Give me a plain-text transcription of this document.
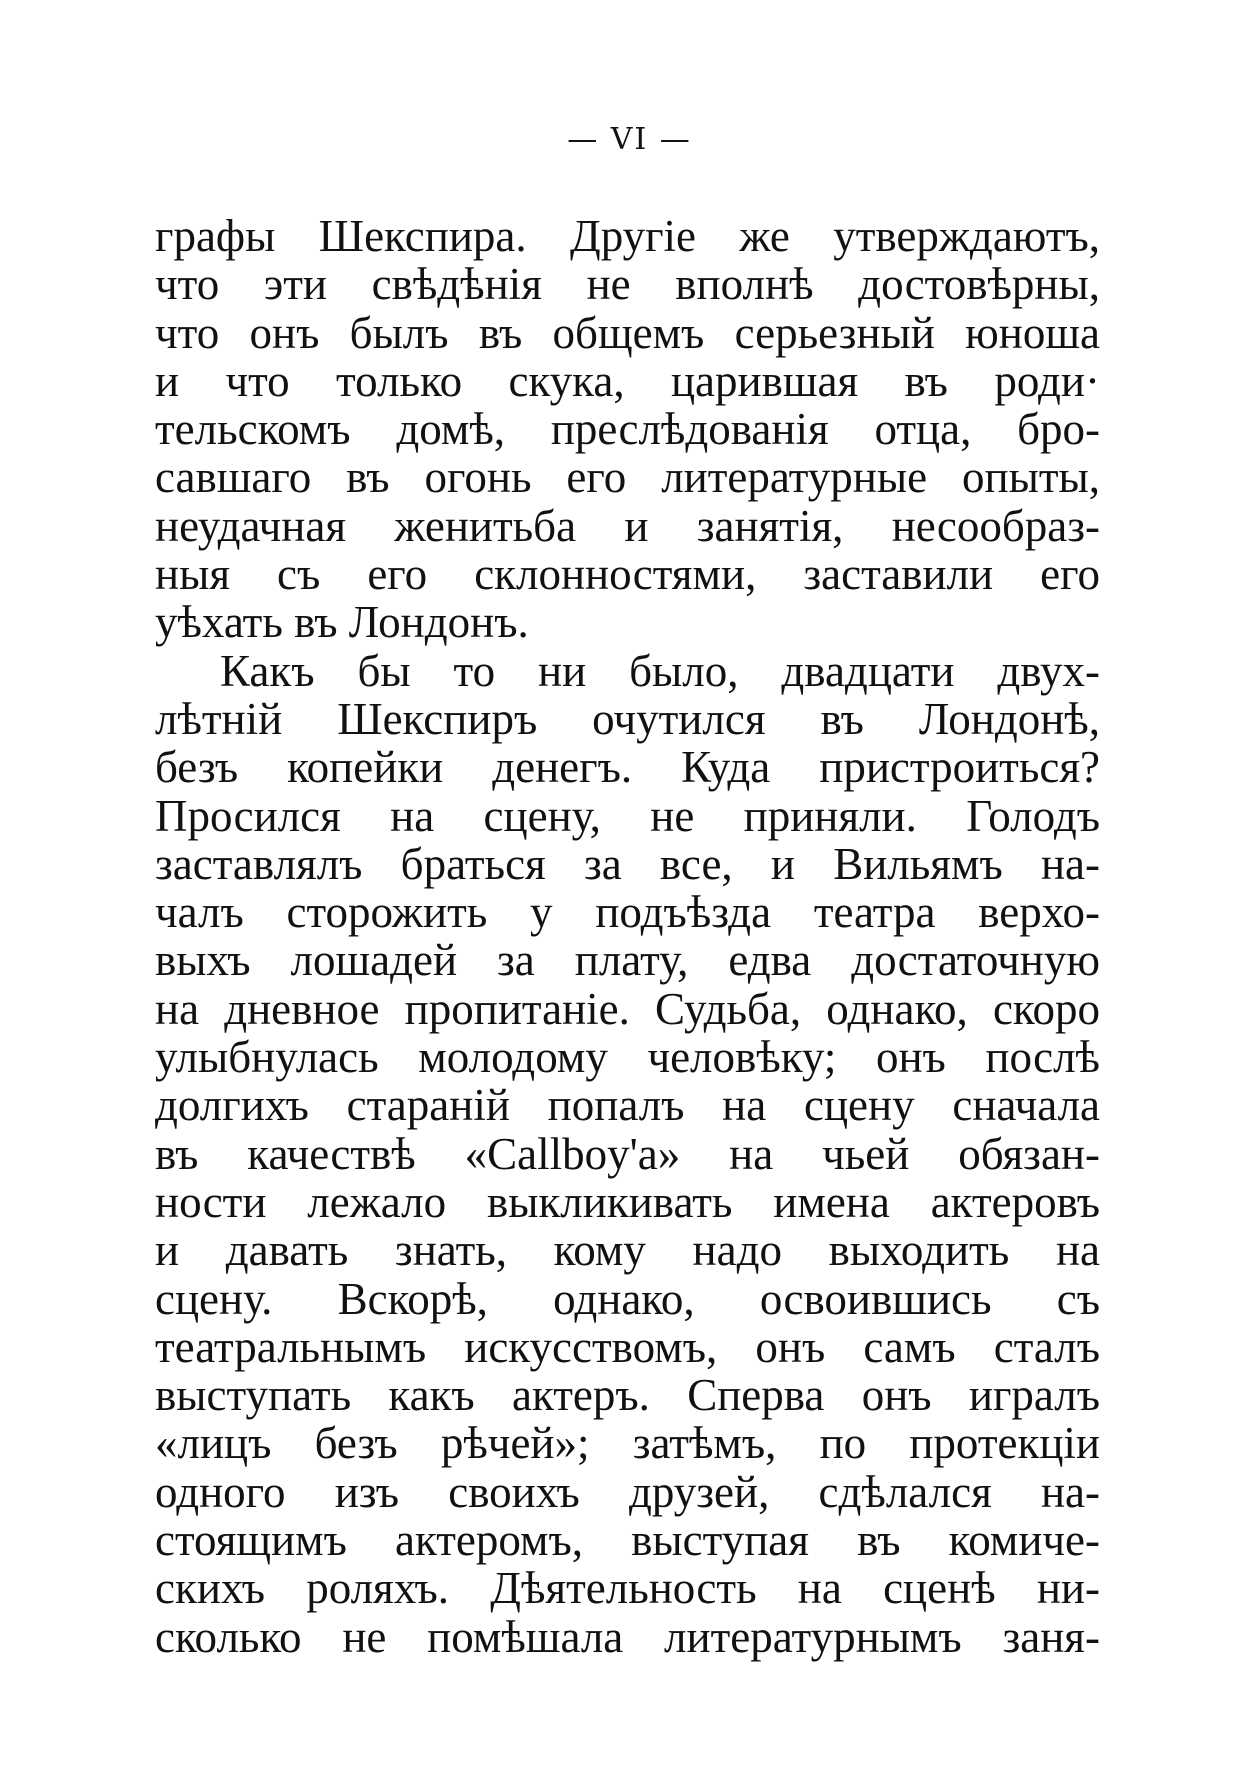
— VI —
графы Шекспира. Другіе же утверждаютъ,
что эти свѣдѣнія не вполнѣ достовѣрны,
что онъ былъ въ общемъ серьезный юноша
и что только скука, царившая въ роди·
тельскомъ домѣ, преслѣдованія отца, бро-
савшаго въ огонь его литературные опыты,
неудачная женитьба и занятія, несообраз-
ныя съ его склонностями, заставили его
уѣхать въ Лондонъ.
Какъ бы то ни было, двадцати двух-
лѣтній Шекспиръ очутился въ Лондонѣ,
безъ копейки денегъ. Куда пристроиться?
Просился на сцену, не приняли. Голодъ
заставлялъ браться за все, и Вильямъ на-
чалъ сторожить у подъѣзда театра верхо-
выхъ лошадей за плату, едва достаточную
на дневное пропитаніе. Судьба, однако, скоро
улыбнулась молодому человѣку; онъ послѣ
долгихъ стараній попалъ на сцену сначала
въ качествѣ «Callboy'a» на чьей обязан-
ности лежало выкликивать имена актеровъ
и давать знать, кому надо выходить на
сцену. Вскорѣ, однако, освоившись съ
театральнымъ искусствомъ, онъ самъ сталъ
выступать какъ актеръ. Сперва онъ игралъ
«лицъ безъ рѣчей»; затѣмъ, по протекціи
одного изъ своихъ друзей, сдѣлался на-
стоящимъ актеромъ, выступая въ комиче-
скихъ роляхъ. Дѣятельность на сценѣ ни-
сколько не помѣшала литературнымъ заня-
